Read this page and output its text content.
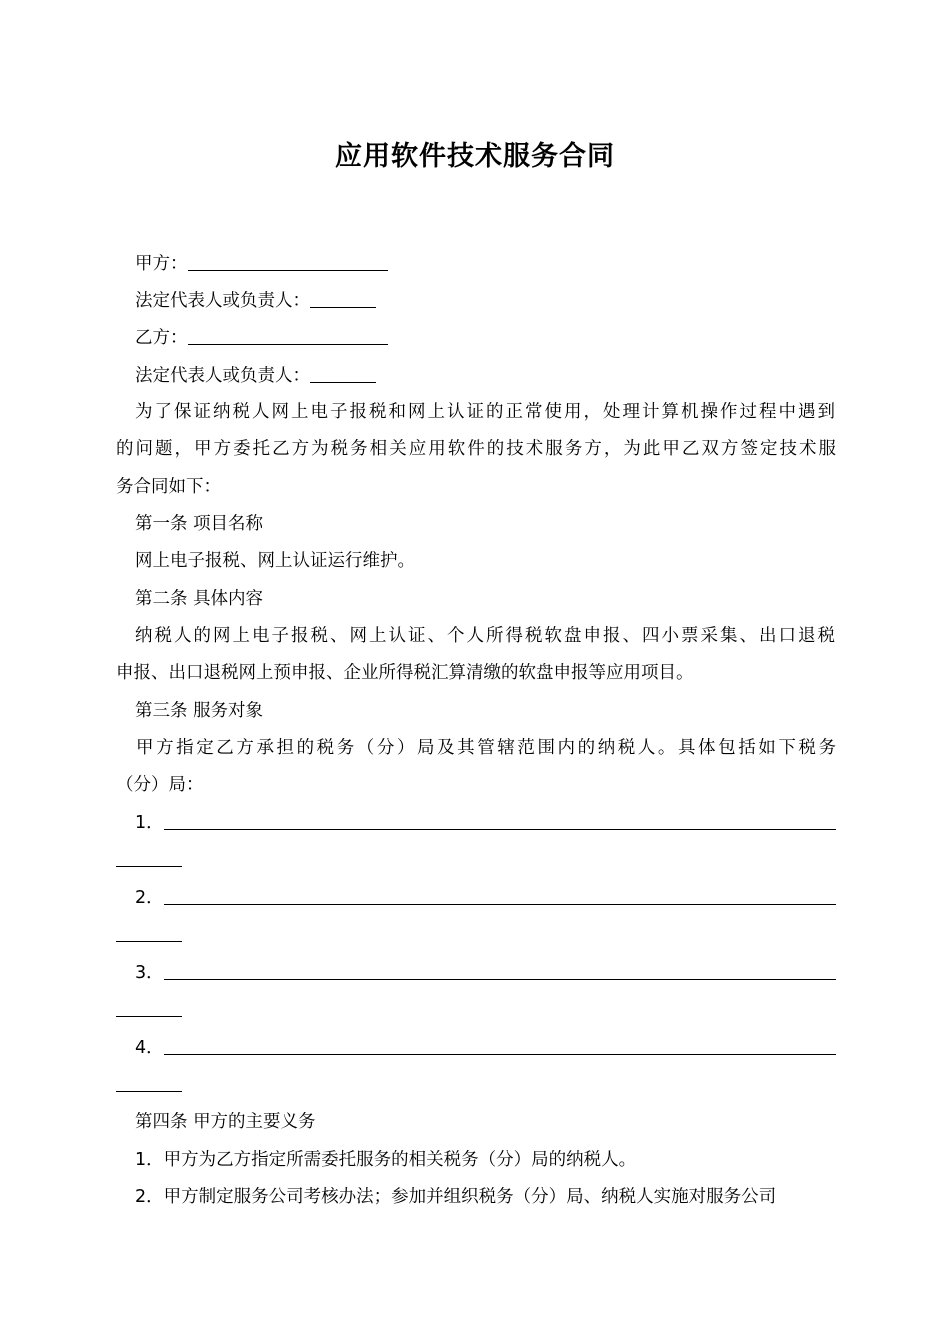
应用软件技术服务合同

甲方：

法定代表人或负责人：

乙方：

法定代表人或负责人：

为了保证纳税人网上电子报税和网上认证的正常使用，处理计算机操作过程中遇到

的问题，甲方委托乙方为税务相关应用软件的技术服务方，为此甲乙双方签定技术服

务合同如下：

第一条 项目名称

网上电子报税、网上认证运行维护。

第二条 具体内容

纳税人的网上电子报税、网上认证、个人所得税软盘申报、四小票采集、出口退税

申报、出口退税网上预申报、企业所得税汇算清缴的软盘申报等应用项目。

第三条 服务对象

甲方指定乙方承担的税务（分）局及其管辖范围内的纳税人。具体包括如下税务

（分）局：

1．

2．

3．

4．

第四条 甲方的主要义务

1．甲方为乙方指定所需委托服务的相关税务（分）局的纳税人。

2．甲方制定服务公司考核办法；参加并组织税务（分）局、纳税人实施对服务公司
